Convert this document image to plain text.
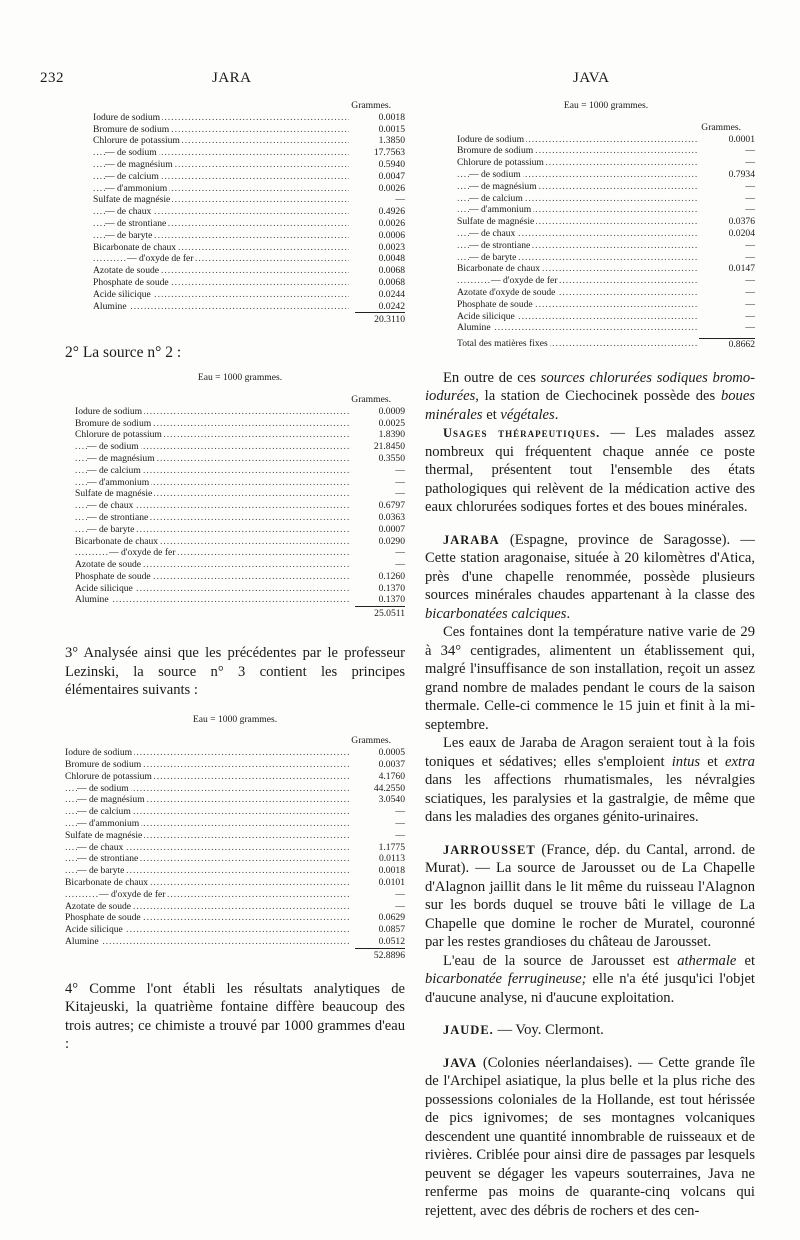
232	JARA	JAVA
Grammes.
Iodure de sodium .....	0.0018
Bromure de sodium .....	0.0015
Chlorure de potassium .....	1.3850
— de sodium .....	17.7563
— de magnésium .....	0.5940
— de calcium .....	0.0047
— d'ammonium .....	0.0026
Sulfate de magnésie .....	—
— de chaux .....	0.4926
— de strontiane .....	0.0026
— de baryte .....	0.0006
Bicarbonate de chaux .....	0.0023
— d'oxyde de fer .....	0.0048
Azotate de soude .....	0.0068
Phosphate de soude .....	0.0068
Acide silicique .....	0.0244
Alumine .....	0.0242
20.3110
2° La source n° 2 :
Eau = 1000 grammes.
Grammes.
Iodure de sodium .....	0.0009
Bromure de sodium .....	0.0025
Chlorure de potassium .....	1.8390
— de sodium .....	21.8450
— de magnésium .....	0.3550
— de calcium .....	—
— d'ammonium .....	—
Sulfate de magnésie .....	—
— de chaux .....	0.6797
— de strontiane .....	0.0363
— de baryte .....	0.0007
Bicarbonate de chaux .....	0.0290
— d'oxyde de fer .....	—
Azotate de soude .....	—
Phosphate de soude .....	0.1260
Acide silicique .....	0.1370
Alumine .....	0.1370
25.0511
3° Analysée ainsi que les précédentes par le professeur Lezinski, la source n° 3 contient les principes élémentaires suivants :
Eau = 1000 grammes.
Grammes.
Iodure de sodium .....	0.0005
Bromure de sodium .....	0.0037
Chlorure de potassium .....	4.1760
— de sodium .....	44.2550
— de magnésium .....	3.0540
— de calcium .....	—
— d'ammonium .....	—
Sulfate de magnésie .....	—
— de chaux .....	1.1775
— de strontiane .....	0.0113
— de baryte .....	0.0018
Bicarbonate de chaux .....	0.0101
— d'oxyde de fer .....	—
Azotate de soude .....	—
Phosphate de soude .....	0.0629
Acide silicique .....	0.0857
Alumine .....	0.0512
52.8896
4° Comme l'ont établi les résultats analytiques de Kitajeuski, la quatrième fontaine diffère beaucoup des trois autres; ce chimiste a trouvé par 1000 grammes d'eau :
Eau = 1000 grammes.
Grammes.
Iodure de sodium .....	0.0001
Bromure de sodium .....	—
Chlorure de potassium .....	—
— de sodium .....	0.7934
— de magnésium .....	—
— de calcium .....	—
— d'ammonium .....	—
Sulfate de magnésie .....	0.0376
— de chaux .....	0.0204
— de strontiane .....	—
— de baryte .....	—
Bicarbonate de chaux .....	0.0147
— d'oxyde de fer .....	—
Azotate d'oxyde de soude .....	—
Phosphate de soude .....	—
Acide silicique .....	—
Alumine .....	—
Total des matières fixes .....	0.8662
En outre de ces sources chlorurées sodiques bromo-iodurées, la station de Ciechocinek possède des boues minérales et végétales.
Usages thérapeutiques. — Les malades assez nombreux qui fréquentent chaque année ce poste thermal, présentent tout l'ensemble des états pathologiques qui relèvent de la médication active des eaux chlorurées sodiques fortes et des boues minérales.
JARABA (Espagne, province de Saragosse). — Cette station aragonaise, située à 20 kilomètres d'Atica, près d'une chapelle renommée, possède plusieurs sources minérales chaudes appartenant à la classe des bicarbonatées calciques.
Ces fontaines dont la température native varie de 29 à 34° centigrades, alimentent un établissement qui, malgré l'insuffisance de son installation, reçoit un assez grand nombre de malades pendant le cours de la saison thermale. Celle-ci commence le 15 juin et finit à la mi-septembre.
Les eaux de Jaraba de Aragon seraient tout à la fois toniques et sédatives; elles s'emploient intus et extra dans les affections rhumatismales, les névralgies sciatiques, les paralysies et la gastralgie, de même que dans les maladies des organes génito-urinaires.
JARROUSSET (France, dép. du Cantal, arrond. de Murat). — La source de Jarousset ou de La Chapelle d'Alagnon jaillit dans le lit même du ruisseau l'Alagnon sur les bords duquel se trouve bâti le village de La Chapelle que domine le rocher de Muratel, couronné par les restes grandioses du château de Jarousset.
L'eau de la source de Jarousset est athermale et bicarbonatée ferrugineuse; elle n'a été jusqu'ici l'objet d'aucune analyse, ni d'aucune exploitation.
JAUDE. — Voy. Clermont.
JAVA (Colonies néerlandaises). — Cette grande île de l'Archipel asiatique, la plus belle et la plus riche des possessions coloniales de la Hollande, est tout hérissée de pics ignivomes; de ses montagnes volcaniques descendent une quantité innombrable de ruisseaux et de rivières. Criblée pour ainsi dire de passages par lesquels peuvent se dégager les vapeurs souterraines, Java ne renferme pas moins de quarante-cinq volcans qui rejettent, avec des débris de rochers et des cen-
